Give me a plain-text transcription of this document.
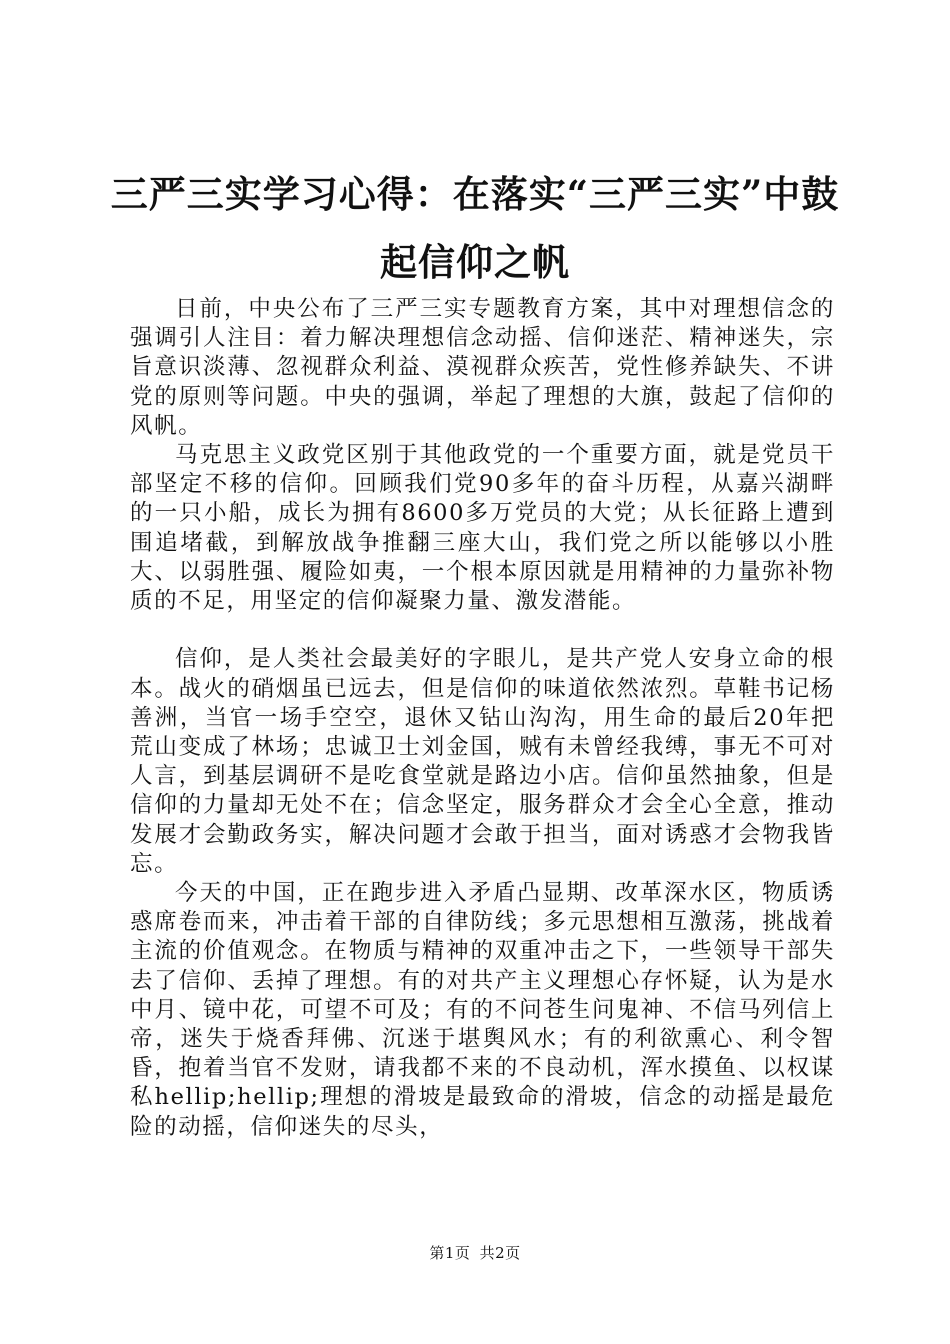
三严三实学习心得：在落实“三严三实”中鼓起信仰之帆

日前，中央公布了三严三实专题教育方案，其中对理想信念的强调引人注目：着力解决理想信念动摇、信仰迷茫、精神迷失，宗旨意识淡薄、忽视群众利益、漠视群众疾苦，党性修养缺失、不讲党的原则等问题。中央的强调，举起了理想的大旗，鼓起了信仰的风帆。

马克思主义政党区别于其他政党的一个重要方面，就是党员干部坚定不移的信仰。回顾我们党90多年的奋斗历程，从嘉兴湖畔的一只小船，成长为拥有8600多万党员的大党；从长征路上遭到围追堵截，到解放战争推翻三座大山，我们党之所以能够以小胜大、以弱胜强、履险如夷，一个根本原因就是用精神的力量弥补物质的不足，用坚定的信仰凝聚力量、激发潜能。

信仰，是人类社会最美好的字眼儿，是共产党人安身立命的根本。战火的硝烟虽已远去，但是信仰的味道依然浓烈。草鞋书记杨善洲，当官一场手空空，退休又钻山沟沟，用生命的最后20年把荒山变成了林场；忠诚卫士刘金国，贼有未曾经我缚，事无不可对人言，到基层调研不是吃食堂就是路边小店。信仰虽然抽象，但是信仰的力量却无处不在；信念坚定，服务群众才会全心全意，推动发展才会勤政务实，解决问题才会敢于担当，面对诱惑才会物我皆忘。

今天的中国，正在跑步进入矛盾凸显期、改革深水区，物质诱惑席卷而来，冲击着干部的自律防线；多元思想相互激荡，挑战着主流的价值观念。在物质与精神的双重冲击之下，一些领导干部失去了信仰、丢掉了理想。有的对共产主义理想心存怀疑，认为是水中月、镜中花，可望不可及；有的不问苍生问鬼神、不信马列信上帝，迷失于烧香拜佛、沉迷于堪舆风水；有的利欲熏心、利令智昏，抱着当官不发财，请我都不来的不良动机，浑水摸鱼、以权谋私hellip;hellip;理想的滑坡是最致命的滑坡，信念的动摇是最危险的动摇，信仰迷失的尽头，

第1页 共2页
